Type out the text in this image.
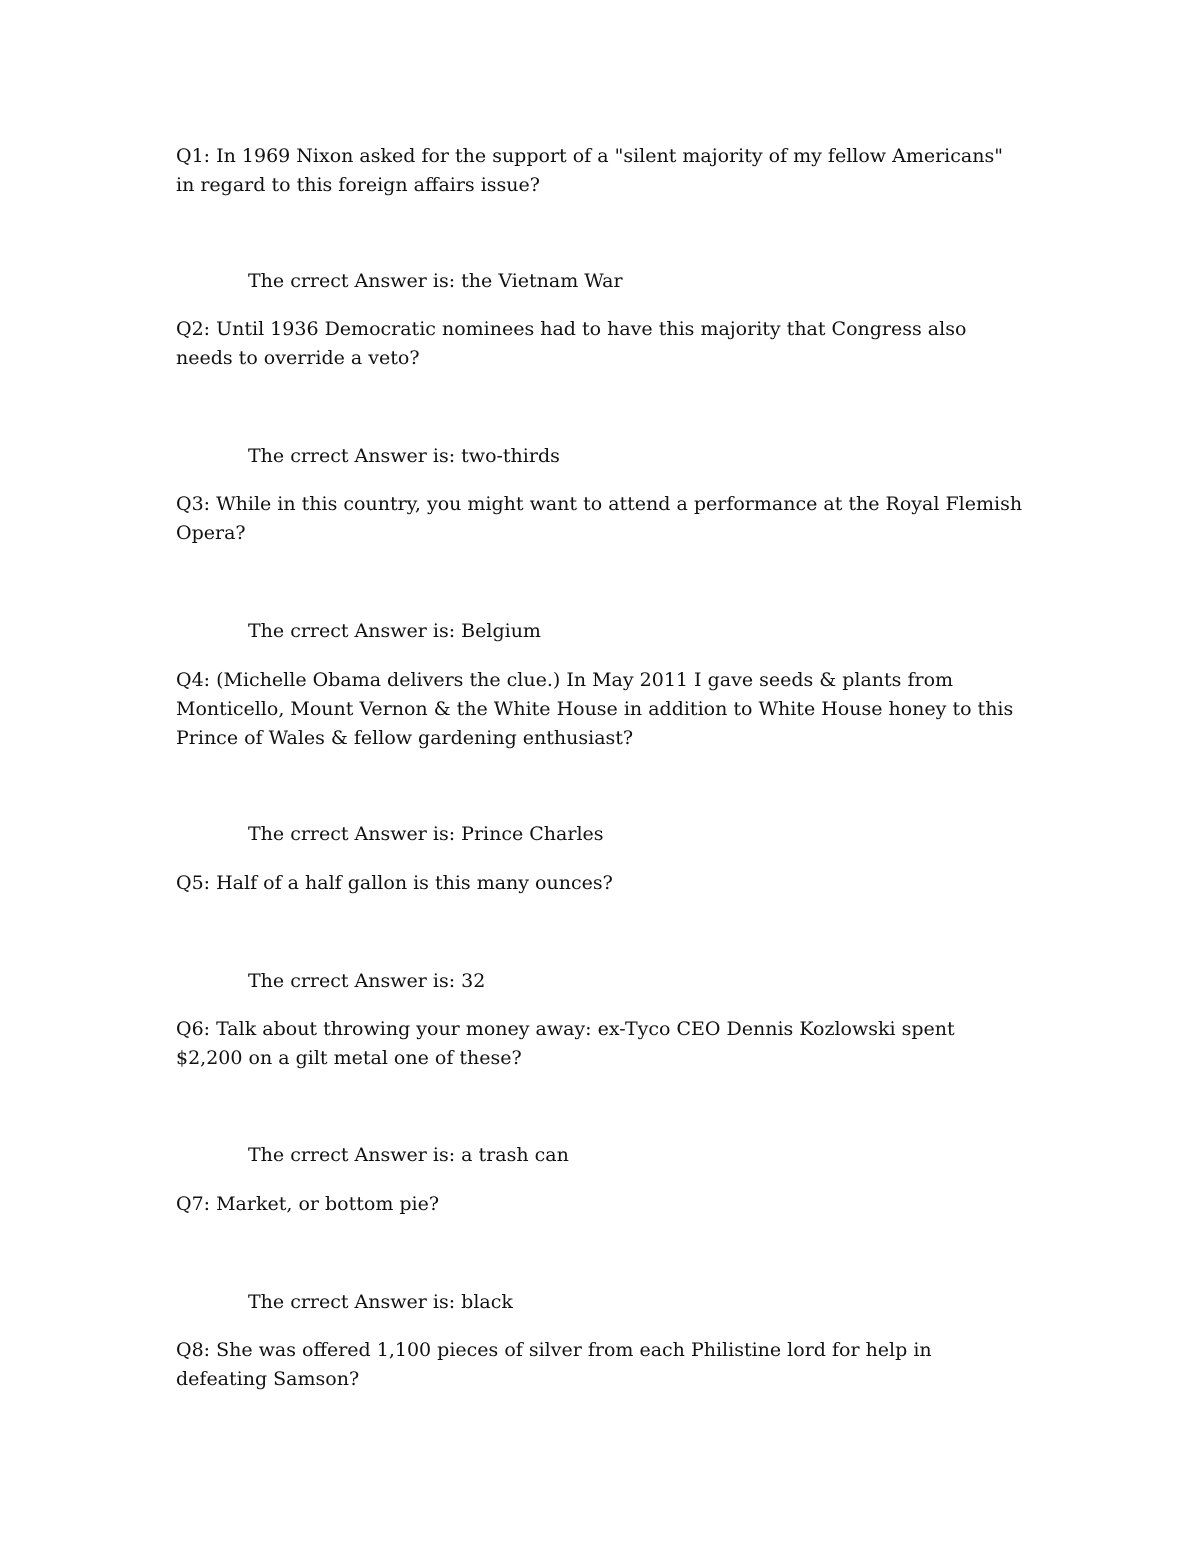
Q1: In 1969 Nixon asked for the support of a "silent majority of my fellow Americans" in regard to this foreign affairs issue?

The crrect Answer is: the Vietnam War

Q2: Until 1936 Democratic nominees had to have this majority that Congress also needs to override a veto?

The crrect Answer is: two-thirds

Q3: While in this country, you might want to attend a performance at the Royal Flemish Opera?

The crrect Answer is: Belgium

Q4: (Michelle Obama delivers the clue.) In May 2011 I gave seeds & plants from Monticello, Mount Vernon & the White House in addition to White House honey to this Prince of Wales & fellow gardening enthusiast?

The crrect Answer is: Prince Charles

Q5: Half of a half gallon is this many ounces?

The crrect Answer is: 32

Q6: Talk about throwing your money away: ex-Tyco CEO Dennis Kozlowski spent $2,200 on a gilt metal one of these?

The crrect Answer is: a trash can

Q7: Market, or bottom pie?

The crrect Answer is: black

Q8: She was offered 1,100 pieces of silver from each Philistine lord for help in defeating Samson?
